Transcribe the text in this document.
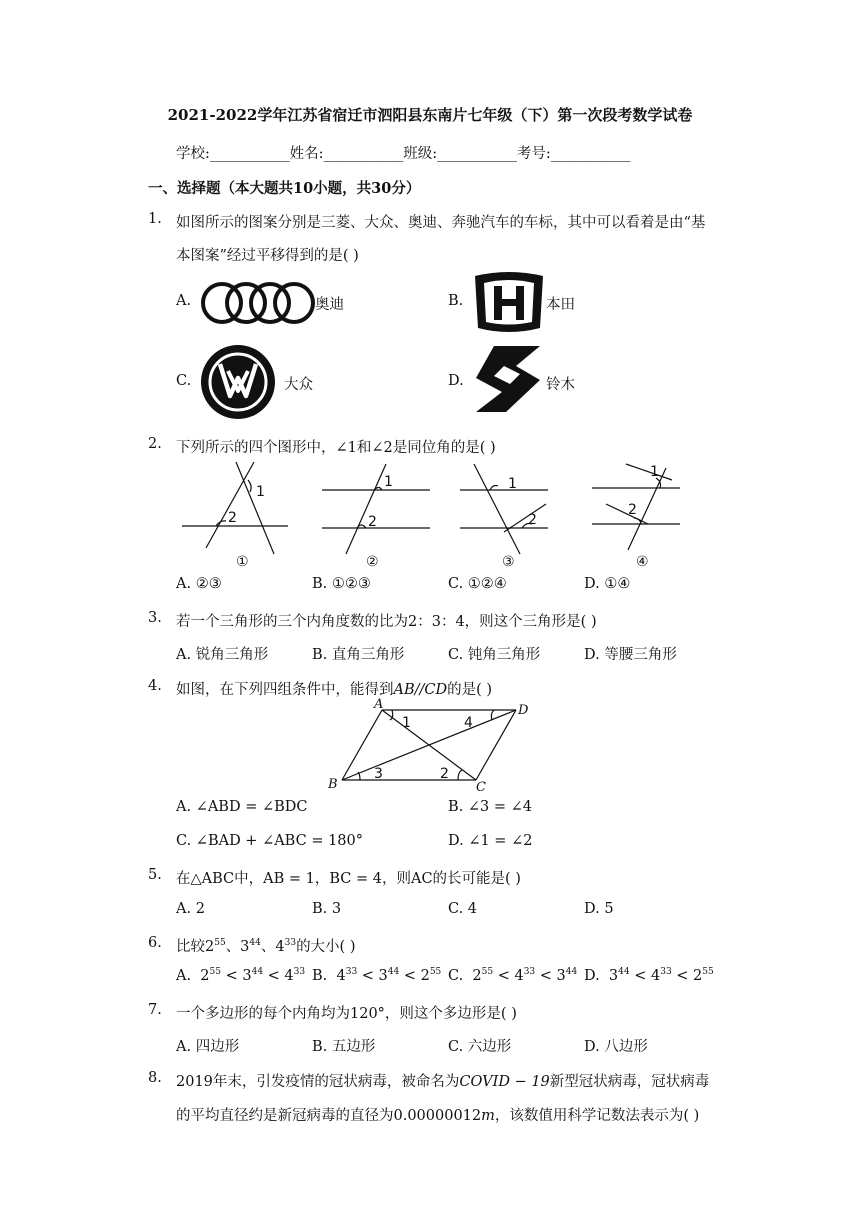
2021-2022学年江苏省宿迁市泗阳县东南片七年级（下）第一次段考数学试卷
学校:___________姓名:___________班级:___________考号:___________
一、选择题（本大题共10小题，共30分）
1. 如图所示的图案分别是三菱、大众、奥迪、奔驰汽车的车标，其中可以看着是由“基
本图案”经过平移得到的是( )
A.	奥迪	B.	本田
C.	大众	D.	铃木
2. 下列所示的四个图形中，∠1和∠2是同位角的是( )
1
2
1
2
1
2
1
2
①	②	③	④
A. ②③	B. ①②③	C. ①②④	D. ①④
3. 若一个三角形的三个内角度数的比为2：3：4，则这个三角形是( )
A. 锐角三角形	B. 直角三角形	C. 钝角三角形	D. 等腰三角形
4. 如图，在下列四组条件中，能得到AB//CD的是( )
A
B	C
D
1
2
3
4
A. ∠ABD = ∠BDC	B. ∠3 = ∠4
C. ∠BAD + ∠ABC = 180°	D. ∠1 = ∠2
5. 在△ABC中，AB = 1，BC = 4，则AC的长可能是( )
A. 2	B. 3	C. 4	D. 5
6. 比较$2^{55}$、$3^{44}$、$4^{33}$的大小( )
A.  $2^{55} < 3^{44} < 4^{33}$ B.  $4^{33} < 3^{44} < 2^{55}$ C.  $2^{55} < 4^{33} < 3^{44}$ D.  $3^{44} < 4^{33} < 2^{55}$
7. 一个多边形的每个内角均为120°，则这个多边形是( )
A. 四边形	B. 五边形	C. 六边形	D. 八边形
8. 2019年末，引发疫情的冠状病毒，被命名为COVID − 19新型冠状病毒，冠状病毒
的平均直径约是新冠病毒的直径为0.00000012m，该数值用科学记数法表示为( )
